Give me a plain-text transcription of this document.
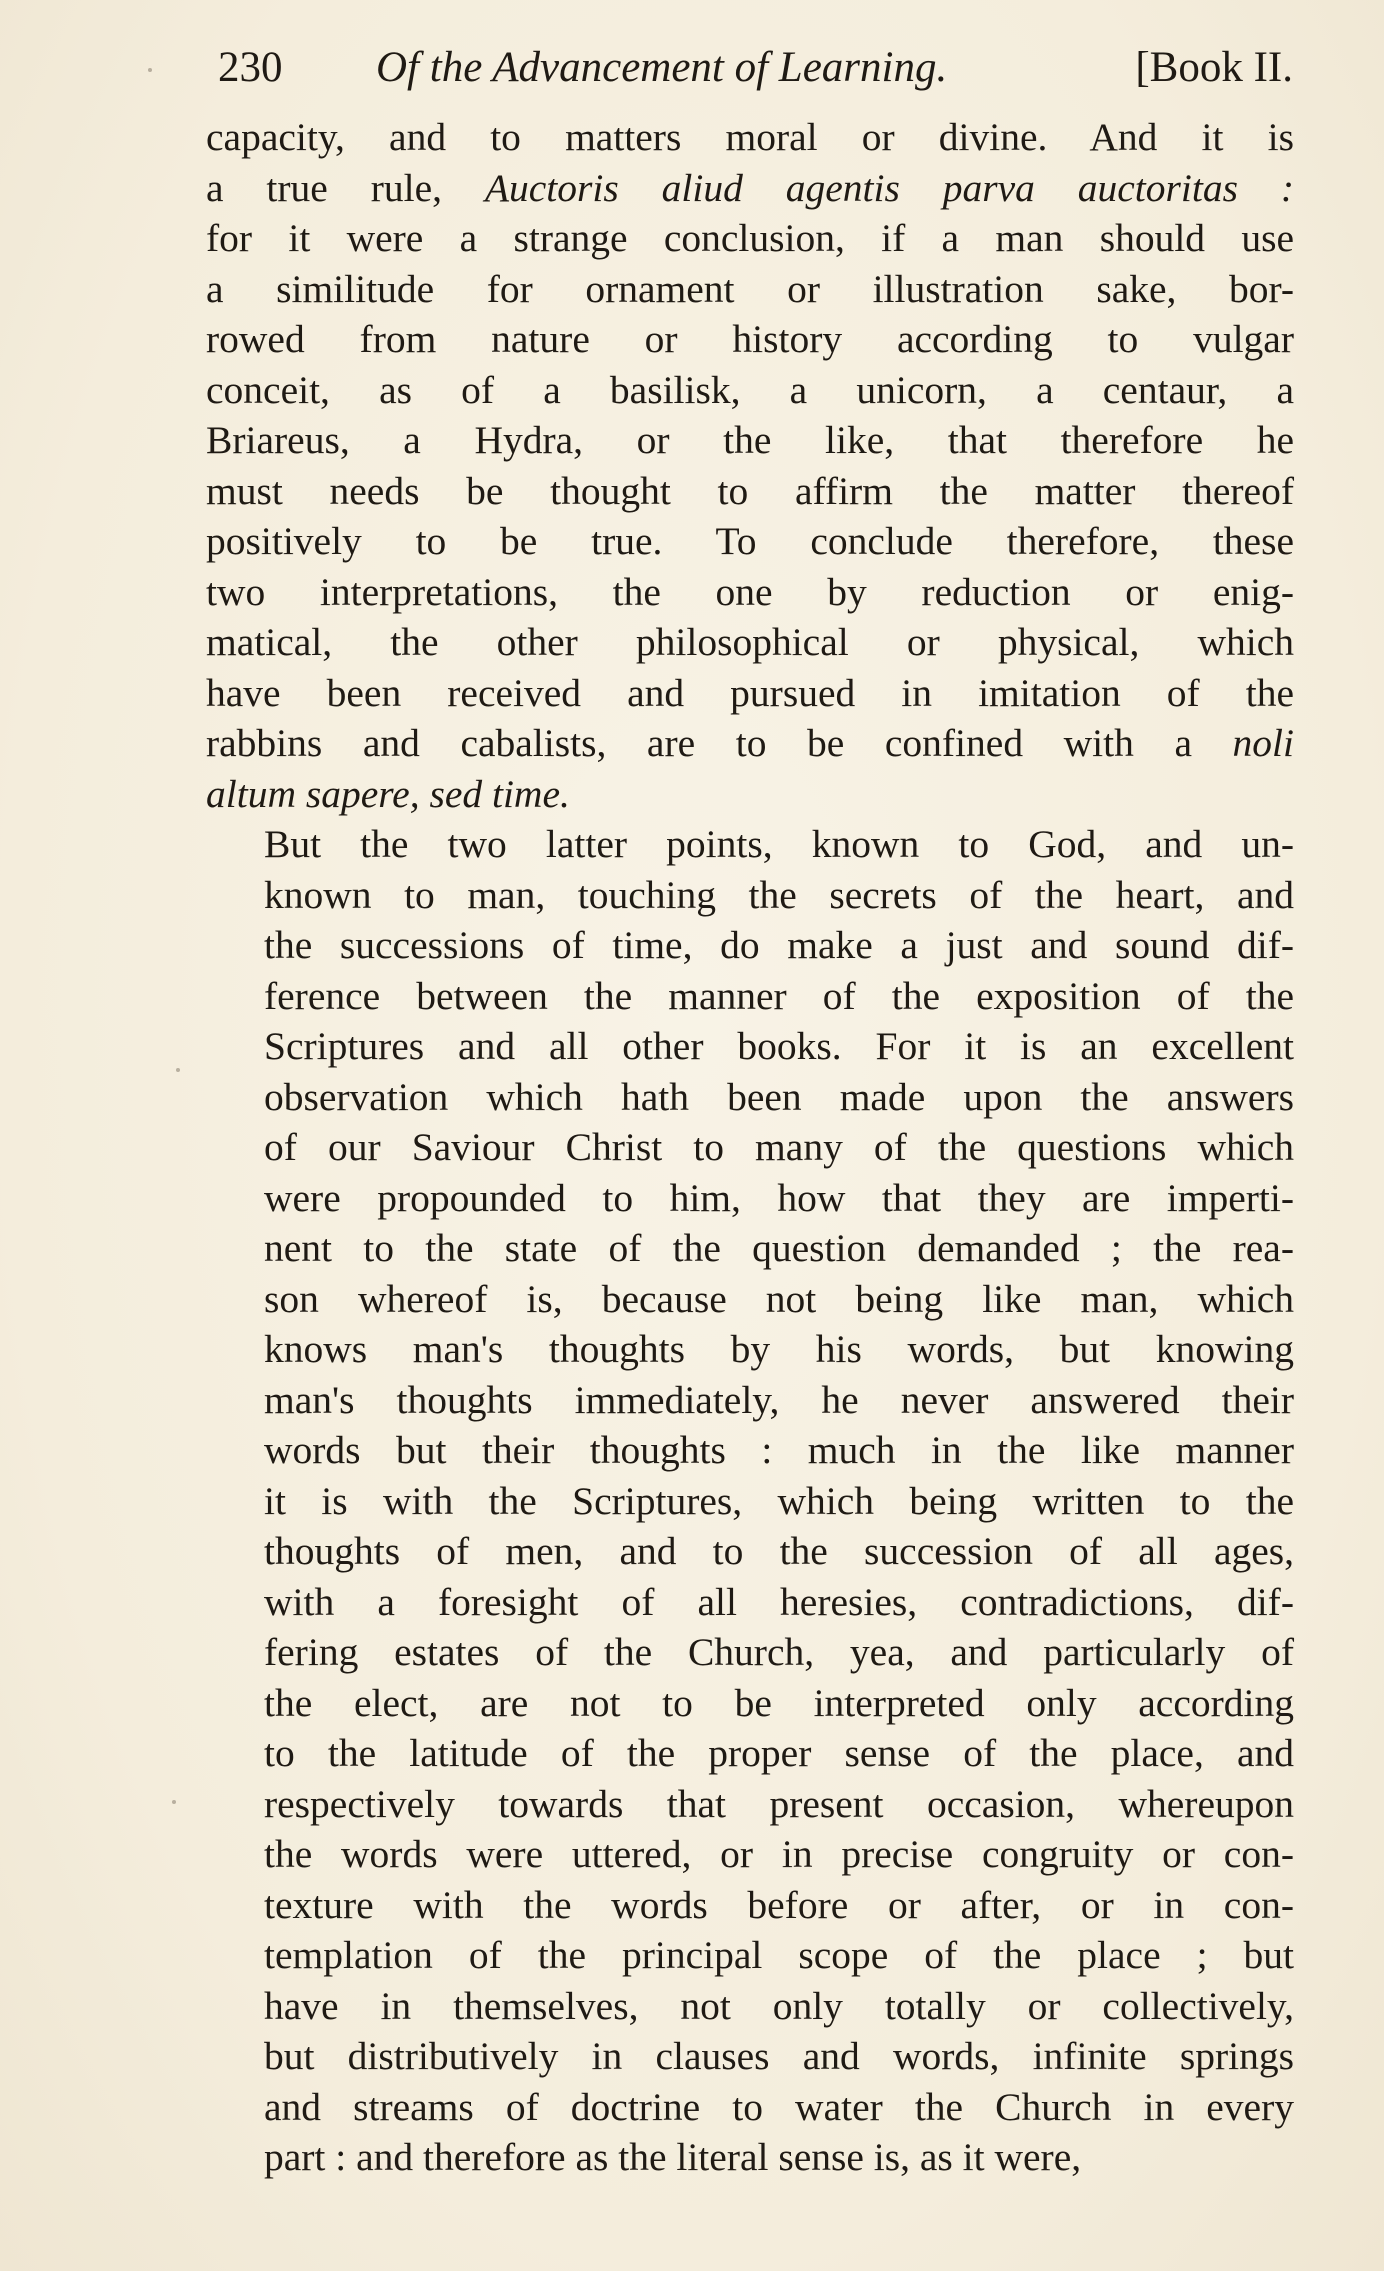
230 Of the Advancement of Learning.	[Book II.

capacity, and to matters moral or divine. And it is
a true rule, Auctoris aliud agentis parva auctoritas :
for it were a strange conclusion, if a man should use
a similitude for ornament or illustration sake, bor-
rowed from nature or history according to vulgar
conceit, as of a basilisk, a unicorn, a centaur, a
Briareus, a Hydra, or the like, that therefore he
must needs be thought to affirm the matter thereof
positively to be true. To conclude therefore, these
two interpretations, the one by reduction or enig-
matical, the other philosophical or physical, which
have been received and pursued in imitation of the
rabbins and cabalists, are to be confined with a noli
altum sapere, sed time.

But the two latter points, known to God, and un-
known to man, touching the secrets of the heart, and
the successions of time, do make a just and sound dif-
ference between the manner of the exposition of the
Scriptures and all other books. For it is an excellent
observation which hath been made upon the answers
of our Saviour Christ to many of the questions which
were propounded to him, how that they are imperti-
nent to the state of the question demanded ; the rea-
son whereof is, because not being like man, which
knows man's thoughts by his words, but knowing
man's thoughts immediately, he never answered their
words but their thoughts : much in the like manner
it is with the Scriptures, which being written to the
thoughts of men, and to the succession of all ages,
with a foresight of all heresies, contradictions, dif-
fering estates of the Church, yea, and particularly of
the elect, are not to be interpreted only according
to the latitude of the proper sense of the place, and
respectively towards that present occasion, whereupon
the words were uttered, or in precise congruity or con-
texture with the words before or after, or in con-
templation of the principal scope of the place ; but
have in themselves, not only totally or collectively,
but distributively in clauses and words, infinite springs
and streams of doctrine to water the Church in every
part : and therefore as the literal sense is, as it were,
